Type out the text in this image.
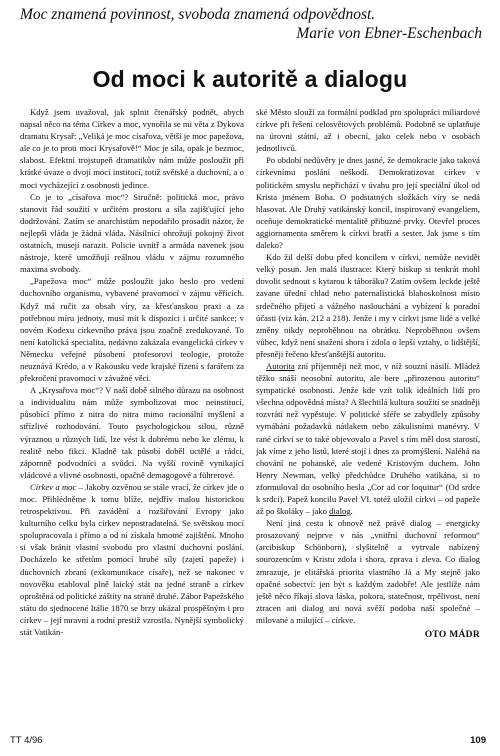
Moc znamená povinnost, svoboda znamená odpovědnost.
Marie von Ebner-Eschenbach
Od moci k autoritě a dialogu

Když jsem uvažoval, jak splnit čtenářský podnět, abych napsal něco na téma Církev a moc, vynořila se mi věta z Dykova dramatu Krysař: „Veliká je moc císařova, větší je moc papežova, ale co je to proti moci Krysařově!“ Moc je síla, opak je bezmoc, slabost. Efektní trojstupeň dramatikův nám může posloužit při krátké úvaze o dvojí moci institucí, totiž světské a duchovní, a o moci vycházející z osobnosti jedince.

Co je to „císařova moc“? Stručně: politická moc, právo stanovit řád soužití v určitém prostoru a síla zajišťující jeho dodržování. Zatím se anarchistům nepodařilo prosadit názor, že nejlepší vláda je žádná vláda. Násilnící ohrožují pokojný život ostatních, musejí narazit. Policie uvnitř a armáda navenek jsou nástroje, které umožňují reálnou vládu v zájmu rozumného maxima svobody.

„Papežova moc“ může posloužit jako heslo pro vedení duchovního organismu, vybavené pravomocí v zájmu věřících. Když má ručit za obsah víry, za křesťanskou praxi a za potřebnou míru jednoty, musí mít k dispozici i určité sankce; v novém Kodexu církevního práva jsou značně zredukované. To není katolická specialita, nedávno zakázala evangelická církev v Německu veřejné působení profesorovi teologie, protože neuznává Krédo, a v Rakousku vede krajské řízení s farářem za překročení pravomocí v závažné věci.

A „Krysařova moc“? V naší době silného důrazu na osobnost a individualitu nám může symbolizovat moc neinstitucí, působící přímo z nitra do nitra mimo racionální myšlení a střízlivé rozhodování. Touto psychologickou silou, různě výraznou u různých lidí, lze vést k dobrému nebo ke zlému, k realitě nebo fikci. Kladně tak působí doběl uctělé a rádci, zápornně podvodníci a svůdci. Na vyšší rovině vynikající vládcové a vlivné osobnosti, opačně demagogové a führerové.

Církev a moc – Jakoby ozvěnou se stále vrací, že církev jde o moc. Přihlédněme k tomu blíže, nejdřív malou historickou retrospektivou. Při zavádění a rozšiřování Evropy jako kulturního celku byla církev nepostradatelná. Se světskou mocí spolupracovala i přímo a od ní získala hmotné zajištění. Mnoho si však bránit vlastní svobodu pro vlastní duchovní poslání. Docházelo ke střetům pomocí hrubé síly (zajetí papeže) i duchovních zbraní (exkomunikace císaře), než se nakonec v novověku etabloval plně laický stát na jedné straně a církev oproštěná od politické záštity na straně druhé. Zábor Papežského státu do sjednocené Itálie 1870 se brzy ukázal prospěšným i pro církev – její mravní a rodní prestiž vzrostla. Nynější symbolický stát Vatikán-

ské Město slouží za formální podklad pro spolupráci miliardové církve při řešení celosvětových problémů. Podobně se uplatňuje na úrovni státní, až i obecní, jako celek nebo v osobách jednotlivců.

Po období nedůvěry je dnes jasné, že demokracie jako taková církevnímu poslání neškodí. Demokratizovat církev v politickém smyslu nepřichází v úvahu pro její speciální úkol od Krista jménem Boha. O podstatných složkách víry se nedá hlasovat. Ale Druhý vatikánský koncil, inspirovaný evangeliem, oceňuje demokratické mentalitě přibuzné prvky. Otevřel proces aggiornamenta směrem k církvi bratří a sester. Jak jsme s tím daleko?

Kdo žil delší dobu před koncilem v církvi, nemůže nevidět velký posun. Jen malá ilustrace: Který biskup si tenkrát mohl dovolit sednout s kytarou k táboráku? Zatím ovšem leckde ještě zavane úřední chlad nebo paternalistická blahoskolnost místo srdečného přijetí a vážného naslouchání a vybízení k poradní účasti (viz kán. 212 a 218). Jenže i my v církvi jsme lidé a velké změny nikdy neproběhnou na obrátku. Neproběhnou ovšem vůbec, když není snažení shora i zdola o lepší vztahy, o lidštější, přesněji řečeno křesťanštější autoritu.

Autorita zní příjemněji než moc, v níž souzní násilí. Mládež těžko snáší neosobní autoritu, ale bere „přirozenou autoritu“ sympatické osobnosti. Jenže kde vzít tolik ideálních lidí pro všechna odpovědná místa? A šlechtilá kultura soužití se snadněji rozvrátí než vypěstuje. V politické sféře se zabydlely způsoby vymáhání požadavků nátlakem nebo zákulisními manévry. V rané církvi se to také objevovalo a Pavel s tím měl dost starostí, jak víme z jeho listů, které stojí i dnes za promýšlení. Naléhá na chování ne pohanské, ale vedené Kristovým duchem. John Henry Newman, velký předchůdce Druhého vatikána, si to zformuloval do osobního hesla „Cor ad cor loquitur“ (Od srdce k srdci). Papež koncilu Pavel VI. totéž uložil církvi – od papeže až po školáky – jako dialog.

Není jiná cesta k obnově než právě dialog – energicky prosazovaný nejprve v nás „vnitřní duchovní reformou“ (arcibiskup Schönborn), slyšitelně a vytrvale nabízený sourozencům v Kristu zdola i shora, zprava i zleva. Co dialog zmrazuje, je elitářská priorita vlastního Já a My stejně jako opačné sobectví: jen být s každým zadobře! Ale jestliže nám ještě něco říkají slova láska, pokora, statečnost, trpělivost, není ztracen ani dialog ani nová svěží podoba naší společné – milované a milující – církve.

OTO MÁDR
TT 4/96	109
